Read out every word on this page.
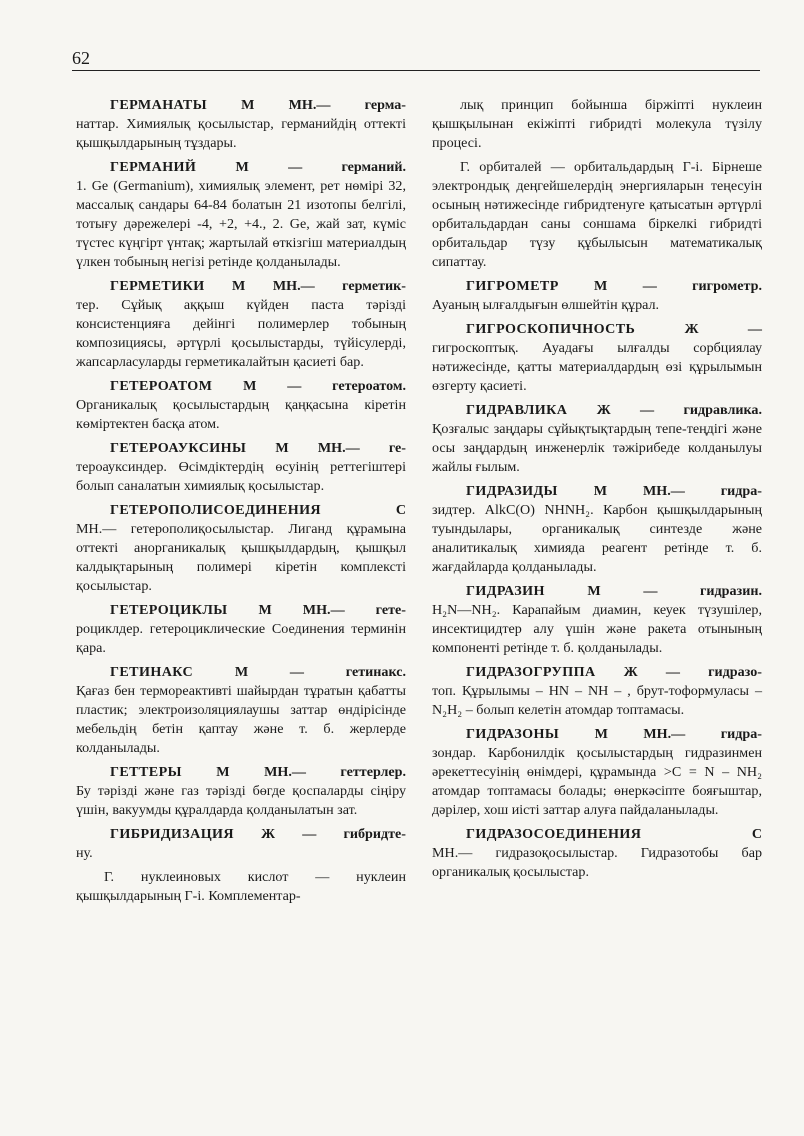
62

ГЕРМАНАТЫ М МН.— герма-
наттар. Химиялық қосылыстар, германийдің оттекті қышқылдарының тұздары.

ГЕРМАНИЙ М — германий.
1. Ge (Germanium), химиялық элемент, рет нөмірі 32, массалық сандары 64-84 болатын 21 изотопы белгілі, тотығу дәрежелері -4, +2, +4., 2. Ge, жай зат, күміс түстес күңгірт үнтақ; жартылай өткізгіш материалдың үлкен тобының негізі ретінде қолданылады.

ГЕРМЕТИКИ М МН.— герметик-
тер. Сұйық аққыш күйден паста тәрізді консистенцияға дейінгі полимерлер тобының композициясы, әртүрлі қосылыстарды, түйісулерді, жапсарласуларды герметикалайтын қасиеті бар.

ГЕТЕРОАТОМ М — гетероатом.
Органикалық қосылыстардың қаңқасына кіретін көміртектен басқа атом.

ГЕТЕРОАУКСИНЫ М МН.— ге-
тероауксиндер. Өсімдіктердің өсуінің реттегіштері болып саналатын химиялық қосылыстар.

ГЕТЕРОПОЛИСОЕДИНЕНИЯ С
МН.— гетерополиқосылыстар. Лиганд құрамына оттекті анорганикалық қышқылдардың, қышқыл калдықтарының полимері кіретін комплексті қосылыстар.

ГЕТЕРОЦИКЛЫ М МН.— гете-
роциклдер. гетероциклические Соединения терминін қара.

ГЕТИНАКС М — гетинакс.
Қағаз бен термореактивті шайырдан тұратын қабатты пластик; электроизоляциялаушы заттар өндірісінде мебельдің бетін қаптау және т. б. жерлерде колданылады.

ГЕТТЕРЫ М МН.— геттерлер.
Бу тәрізді және газ тәрізді бөгде қоспаларды сіңіру үшін, вакуумды құралдарда қолданылатын зат.

ГИБРИДИЗАЦИЯ Ж — гибридте-
ну.

Г. нуклеиновых кислот — нуклеин қышқылдарының Г-і. Комплементар-

лық принцип бойынша біржіпті нуклеин қышқылынан екіжіпті гибридті молекула түзілу процесі.

Г. орбиталей — орбитальдардың Г-і. Бірнеше электрондық деңгейшелердің энергияларын теңесуін осының нәтижесінде гибридтенуге қатысатын әртүрлі орбитальдардан саны соншама біркелкі гибридті орбитальдар түзу құбылысын математикалық сипаттау.

ГИГРОМЕТР М — гигрометр.
Ауаның ылғалдығын өлшейтін құрал.

ГИГРОСКОПИЧНОСТЬ Ж —
гигроскоптық. Ауадағы ылғалды сорбциялау нәтижесінде, қатты материалдардың өзі құрылымын өзгерту қасиеті.

ГИДРАВЛИКА Ж — гидравлика.
Қозғалыс заңдары сұйықтықтардың тепе-теңдігі және осы заңдардың инженерлік тәжірибеде колданылуы жайлы ғылым.

ГИДРАЗИДЫ М МН.— гидра-
зидтер. AlkC(O) NHNH₂. Карбон қышқылдарының туындылары, органикалық синтезде және аналитикалық химияда реагент ретінде т. б. жағдайларда қолданылады.

ГИДРАЗИН М — гидразин.
H₂N—NH₂. Карапайым диамин, кеуек түзушілер, инсектицидтер алу үшін және ракета отынының компоненті ретінде т. б. қолданылады.

ГИДРАЗОГРУППА Ж — гидразо-
топ. Құрылымы – HN – NH – , брут-тоформуласы – N₂H₂ – болып келетін атомдар топтамасы.

ГИДРАЗОНЫ М МН.— гидра-
зондар. Карбонилдік қосылыстардың гидразинмен әрекеттесуінің өнімдері, құрамында >C = N – NH₂ атомдар топтамасы болады; өнеркәсіпте бояғыштар, дәрілер, хош иісті заттар алуға пайдаланылады.

ГИДРАЗОСОЕДИНЕНИЯ С
МН.— гидразоқосылыстар. Гидразотобы бар органикалық қосылыстар.
